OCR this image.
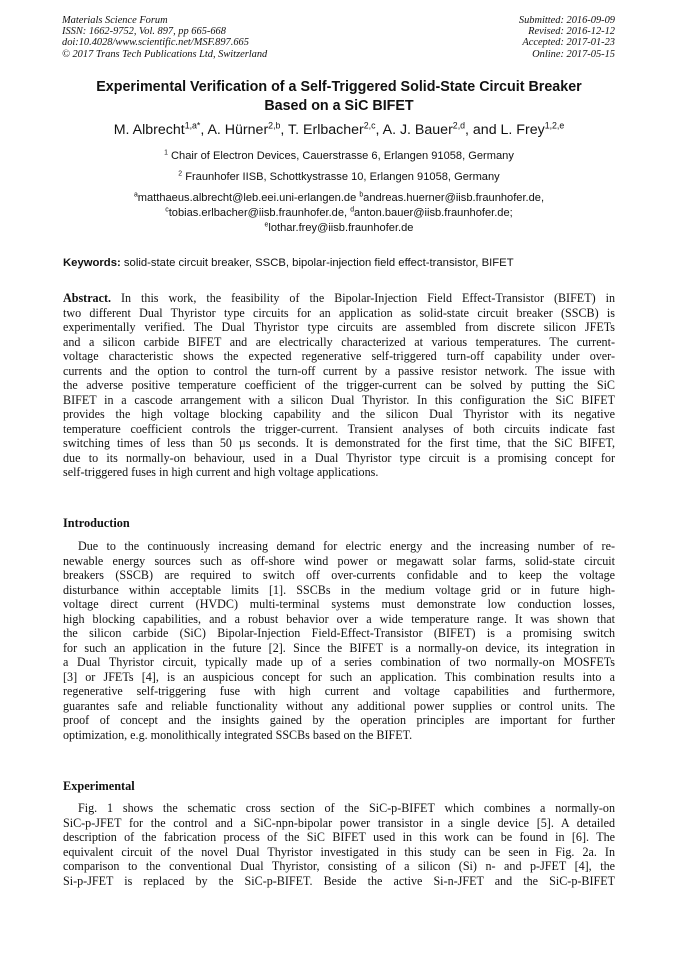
Materials Science Forum
ISSN: 1662-9752, Vol. 897, pp 665-668
doi:10.4028/www.scientific.net/MSF.897.665
© 2017 Trans Tech Publications Ltd, Switzerland
Submitted: 2016-09-09
Revised: 2016-12-12
Accepted: 2017-01-23
Online: 2017-05-15
Experimental Verification of a Self-Triggered Solid-State Circuit Breaker
Based on a SiC BIFET
M. Albrecht$^{1,a*}$, A. Hürner$^{2,b}$, T. Erlbacher$^{2,c}$, A. J. Bauer$^{2,d}$, and L. Frey$^{1,2,e}$
$^1$ Chair of Electron Devices, Cauerstrasse 6, Erlangen 91058, Germany
$^2$ Fraunhofer IISB, Schottkystrasse 10, Erlangen 91058, Germany
$^a$matthaeus.albrecht@leb.eei.uni-erlangen.de $^b$andreas.huerner@iisb.fraunhofer.de,
$^c$tobias.erlbacher@iisb.fraunhofer.de, $^d$anton.bauer@iisb.fraunhofer.de;
$^e$lothar.frey@iisb.fraunhofer.de
Keywords: solid-state circuit breaker, SSCB, bipolar-injection field effect-transistor, BIFET
Abstract. In this work, the feasibility of the Bipolar-Injection Field Effect-Transistor (BIFET) in
two different Dual Thyristor type circuits for an application as solid-state circuit breaker (SSCB) is
experimentally verified. The Dual Thyristor type circuits are assembled from discrete silicon JFETs
and a silicon carbide BIFET and are electrically characterized at various temperatures. The current-
voltage characteristic shows the expected regenerative self-triggered turn-off capability under over-
currents and the option to control the turn-off current by a passive resistor network. The issue with
the adverse positive temperature coefficient of the trigger-current can be solved by putting the SiC
BIFET in a cascode arrangement with a silicon Dual Thyristor. In this configuration the SiC BIFET
provides the high voltage blocking capability and the silicon Dual Thyristor with its negative
temperature coefficient controls the trigger-current. Transient analyses of both circuits indicate fast
switching times of less than 50 µs seconds. It is demonstrated for the first time, that the SiC BIFET,
due to its normally-on behaviour, used in a Dual Thyristor type circuit is a promising concept for
self-triggered fuses in high current and high voltage applications.
Introduction
Due to the continuously increasing demand for electric energy and the increasing number of re-
newable energy sources such as off-shore wind power or megawatt solar farms, solid-state circuit
breakers (SSCB) are required to switch off over-currents confidable and to keep the voltage
disturbance within acceptable limits [1]. SSCBs in the medium voltage grid or in future high-
voltage direct current (HVDC) multi-terminal systems must demonstrate low conduction losses,
high blocking capabilities, and a robust behavior over a wide temperature range. It was shown that
the silicon carbide (SiC) Bipolar-Injection Field-Effect-Transistor (BIFET) is a promising switch
for such an application in the future [2]. Since the BIFET is a normally-on device, its integration in
a Dual Thyristor circuit, typically made up of a series combination of two normally-on MOSFETs
[3] or JFETs [4], is an auspicious concept for such an application. This combination results into a
regenerative self-triggering fuse with high current and voltage capabilities and furthermore,
guarantes safe and reliable functionality without any additional power supplies or control units. The
proof of concept and the insights gained by the operation principles are important for further
optimization, e.g. monolithically integrated SSCBs based on the BIFET.
Experimental
Fig. 1 shows the schematic cross section of the SiC-p-BIFET which combines a normally-on
SiC-p-JFET for the control and a SiC-npn-bipolar power transistor in a single device [5]. A detailed
description of the fabrication process of the SiC BIFET used in this work can be found in [6]. The
equivalent circuit of the novel Dual Thyristor investigated in this study can be seen in Fig. 2a. In
comparison to the conventional Dual Thyristor, consisting of a silicon (Si) n- and p-JFET [4], the
Si-p-JFET is replaced by the SiC-p-BIFET. Beside the active Si-n-JFET and the SiC-p-BIFET
